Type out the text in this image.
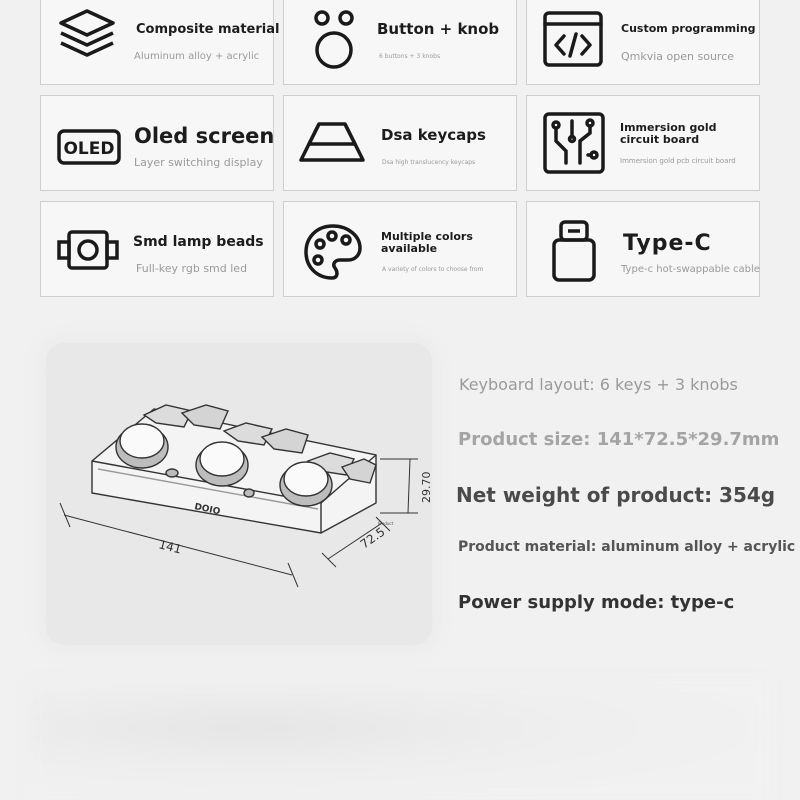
Composite material
Aluminum alloy + acrylic
Button + knob
6 buttons + 3 knobs
Custom programming
Qmkvia open source
OLED
Oled screen
Layer switching display
Dsa keycaps
Dsa high translucency keycaps
Immersion gold circuit board
Immersion gold pcb circuit board
Smd lamp beads
Full-key rgb smd led
Multiple colors available
A variety of colors to choose from
Type-C
Type-c hot-swappable cable
DOIO
141	72.5
29.70
Product
Keyboard layout: 6 keys + 3 knobs
Product size: 141*72.5*29.7mm
Net weight of product: 354g
Product material: aluminum alloy + acrylic
Power supply mode: type-c
